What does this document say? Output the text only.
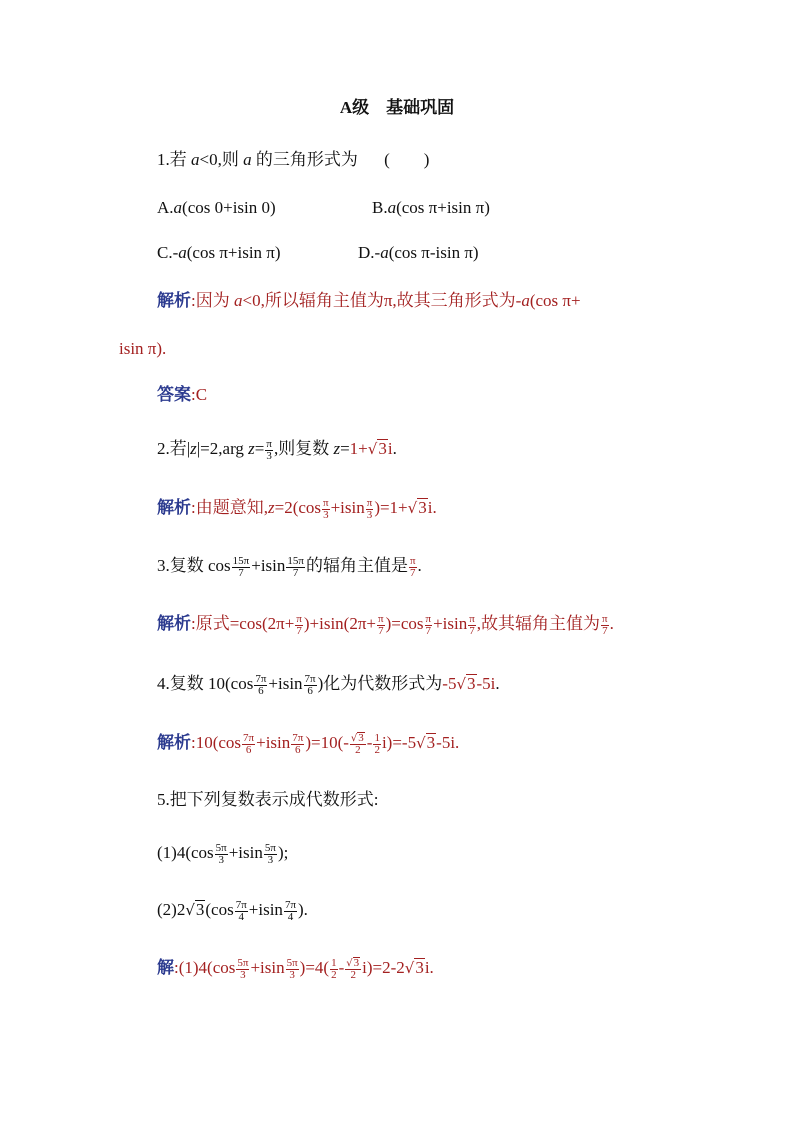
A级　基础巩固
1.若 a<0,则 a 的三角形式为 (　　)
A.a(cos 0+isin 0)	B.a(cos π+isin π)
C.-a(cos π+isin π)	D.-a(cos π-isin π)
解析:因为 a<0,所以辐角主值为π,故其三角形式为-a(cos π+
isin π).
答案:C
2.若|z|=2,arg $z= \frac{\pi}{3}$ ,则复数 z=1+√3i.
解析:由题意知$,z=2(\cos \frac{\pi}{3} +isin \frac{\pi}{3} )=1+√3i$.
3.复数 $\cos \frac{15\pi}{7} +isin \frac{15\pi}{7}$ 的辐角主值是 $\frac{\pi}{7}$ .
解析:原式$=\cos(2\pi+ \frac{\pi}{7} )+isin(2\pi+ \frac{\pi}{7} )=\cos \frac{\pi}{7} +isin \frac{\pi}{7}$ ,故其辐角主值为 $\frac{\pi}{7}$ .
4.复数 $10(\cos \frac{7\pi}{6} +isin \frac{7\pi}{6}$ )化为代数形式为-5√3-5i.
解析:10(cos $\frac{7\pi}{6} +isin \frac{7\pi}{6} )=10(- \frac{√3}{2} - \frac{1}{2} i)=-5√3-5i$.
5.把下列复数表示成代数形式:
$(1)4(\cos \frac{5\pi}{3} +isin \frac{5\pi}{3}$ );
$(2)2√3(\cos \frac{7\pi}{4} +isin \frac{7\pi}{4}$ ).
解:(1)4(cos $\frac{5\pi}{3} +isin \frac{5\pi}{3} )=4( \frac{1}{2} - \frac{√3}{2} i)=2-2√3i$.
